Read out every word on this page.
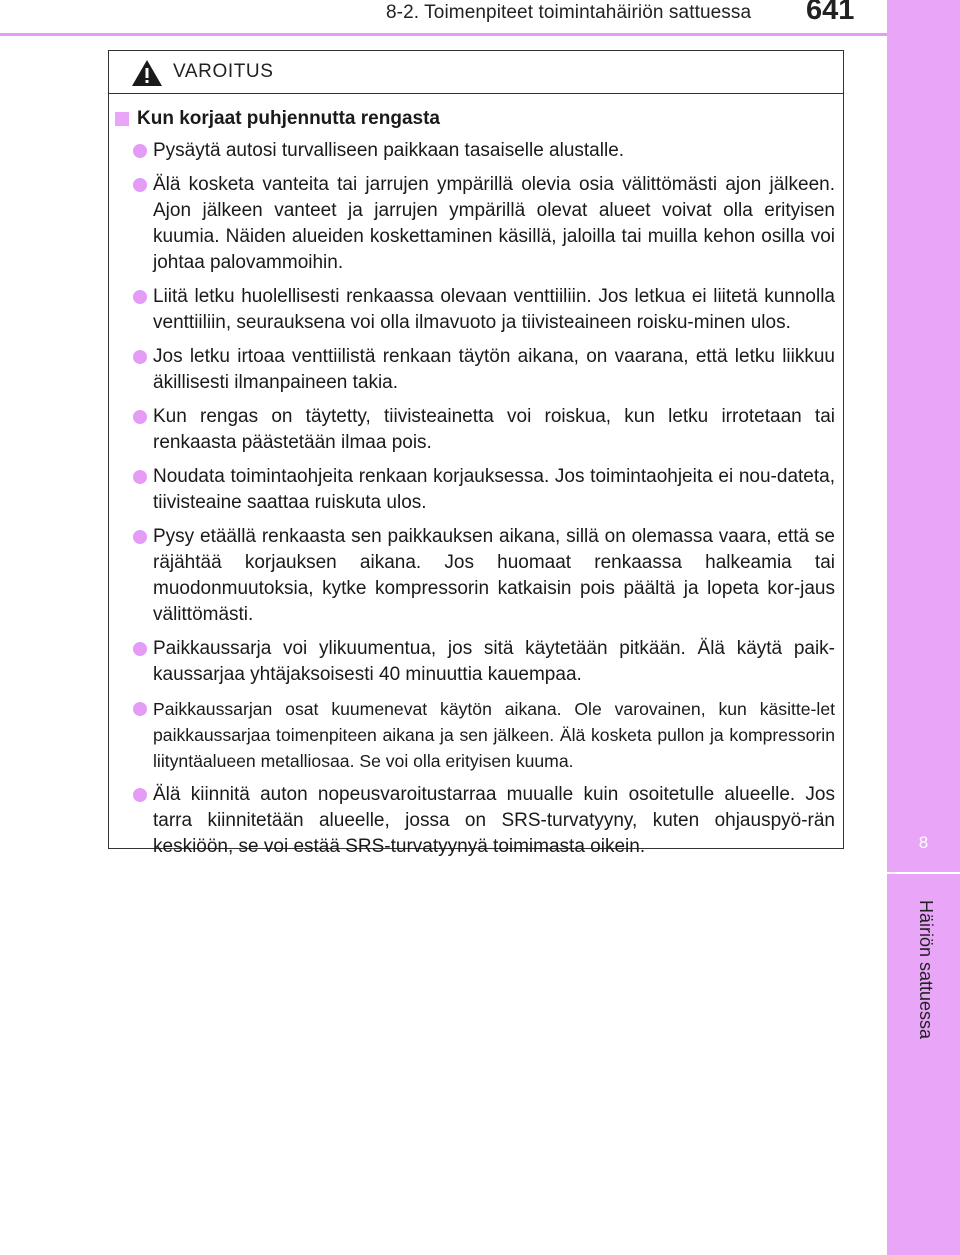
8-2. Toimenpiteet toimintahäiriön sattuessa 641
8
Häiriön sattuessa
VAROITUS
Kun korjaat puhjennutta rengasta
Pysäytä autosi turvalliseen paikkaan tasaiselle alustalle.
Älä kosketa vanteita tai jarrujen ympärillä olevia osia välittömästi ajon jälkeen. Ajon jälkeen vanteet ja jarrujen ympärillä olevat alueet voivat olla erityisen kuumia. Näiden alueiden koskettaminen käsillä, jaloilla tai muilla kehon osilla voi johtaa palovammoihin.
Liitä letku huolellisesti renkaassa olevaan venttiiliin. Jos letkua ei liitetä kunnolla venttiiliin, seurauksena voi olla ilmavuoto ja tiivisteaineen roisku-minen ulos.
Jos letku irtoaa venttiilistä renkaan täytön aikana, on vaarana, että letku liikkuu äkillisesti ilmanpaineen takia.
Kun rengas on täytetty, tiivisteainetta voi roiskua, kun letku irrotetaan tai renkaasta päästetään ilmaa pois.
Noudata toimintaohjeita renkaan korjauksessa. Jos toimintaohjeita ei nou-dateta, tiivisteaine saattaa ruiskuta ulos.
Pysy etäällä renkaasta sen paikkauksen aikana, sillä on olemassa vaara, että se räjähtää korjauksen aikana. Jos huomaat renkaassa halkeamia tai muodonmuutoksia, kytke kompressorin katkaisin pois päältä ja lopeta kor-jaus välittömästi.
Paikkaussarja voi ylikuumentua, jos sitä käytetään pitkään. Älä käytä paik-kaussarjaa yhtäjaksoisesti 40 minuuttia kauempaa.
Paikkaussarjan osat kuumenevat käytön aikana. Ole varovainen, kun käsitte-let paikkaussarjaa toimenpiteen aikana ja sen jälkeen. Älä kosketa pullon ja kompressorin liityntäalueen metalliosaa. Se voi olla erityisen kuuma.
Älä kiinnitä auton nopeusvaroitustarraa muualle kuin osoitetulle alueelle. Jos tarra kiinnitetään alueelle, jossa on SRS-turvatyyny, kuten ohjauspyö-rän keskiöön, se voi estää SRS-turvatyynyä toimimasta oikein.
